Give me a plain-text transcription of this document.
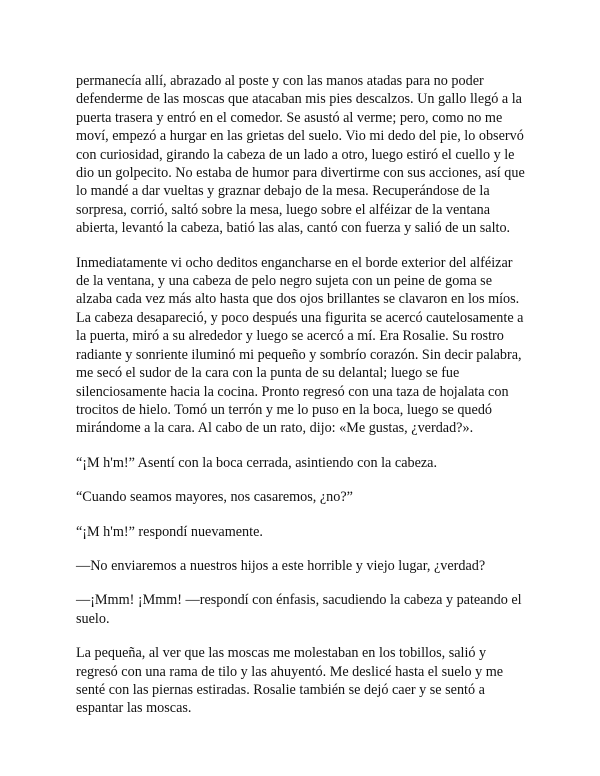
permanecía allí, abrazado al poste y con las manos atadas para no poder defenderme de las moscas que atacaban mis pies descalzos. Un gallo llegó a la puerta trasera y entró en el comedor. Se asustó al verme; pero, como no me moví, empezó a hurgar en las grietas del suelo. Vio mi dedo del pie, lo observó con curiosidad, girando la cabeza de un lado a otro, luego estiró el cuello y le dio un golpecito. No estaba de humor para divertirme con sus acciones, así que lo mandé a dar vueltas y graznar debajo de la mesa. Recuperándose de la sorpresa, corrió, saltó sobre la mesa, luego sobre el alféizar de la ventana abierta, levantó la cabeza, batió las alas, cantó con fuerza y salió de un salto.

Inmediatamente vi ocho deditos engancharse en el borde exterior del alféizar de la ventana, y una cabeza de pelo negro sujeta con un peine de goma se alzaba cada vez más alto hasta que dos ojos brillantes se clavaron en los míos. La cabeza desapareció, y poco después una figurita se acercó cautelosamente a la puerta, miró a su alrededor y luego se acercó a mí. Era Rosalie. Su rostro radiante y sonriente iluminó mi pequeño y sombrío corazón. Sin decir palabra, me secó el sudor de la cara con la punta de su delantal; luego se fue silenciosamente hacia la cocina. Pronto regresó con una taza de hojalata con trocitos de hielo. Tomó un terrón y me lo puso en la boca, luego se quedó mirándome a la cara. Al cabo de un rato, dijo: «Me gustas, ¿verdad?».

“¡M h'm!” Asentí con la boca cerrada, asintiendo con la cabeza.

“Cuando seamos mayores, nos casaremos, ¿no?”

“¡M h'm!” respondí nuevamente.

—No enviaremos a nuestros hijos a este horrible y viejo lugar, ¿verdad?

—¡Mmm! ¡Mmm! —respondí con énfasis, sacudiendo la cabeza y pateando el suelo.

La pequeña, al ver que las moscas me molestaban en los tobillos, salió y regresó con una rama de tilo y las ahuyentó. Me deslicé hasta el suelo y me senté con las piernas estiradas. Rosalie también se dejó caer y se sentó a espantar las moscas.
